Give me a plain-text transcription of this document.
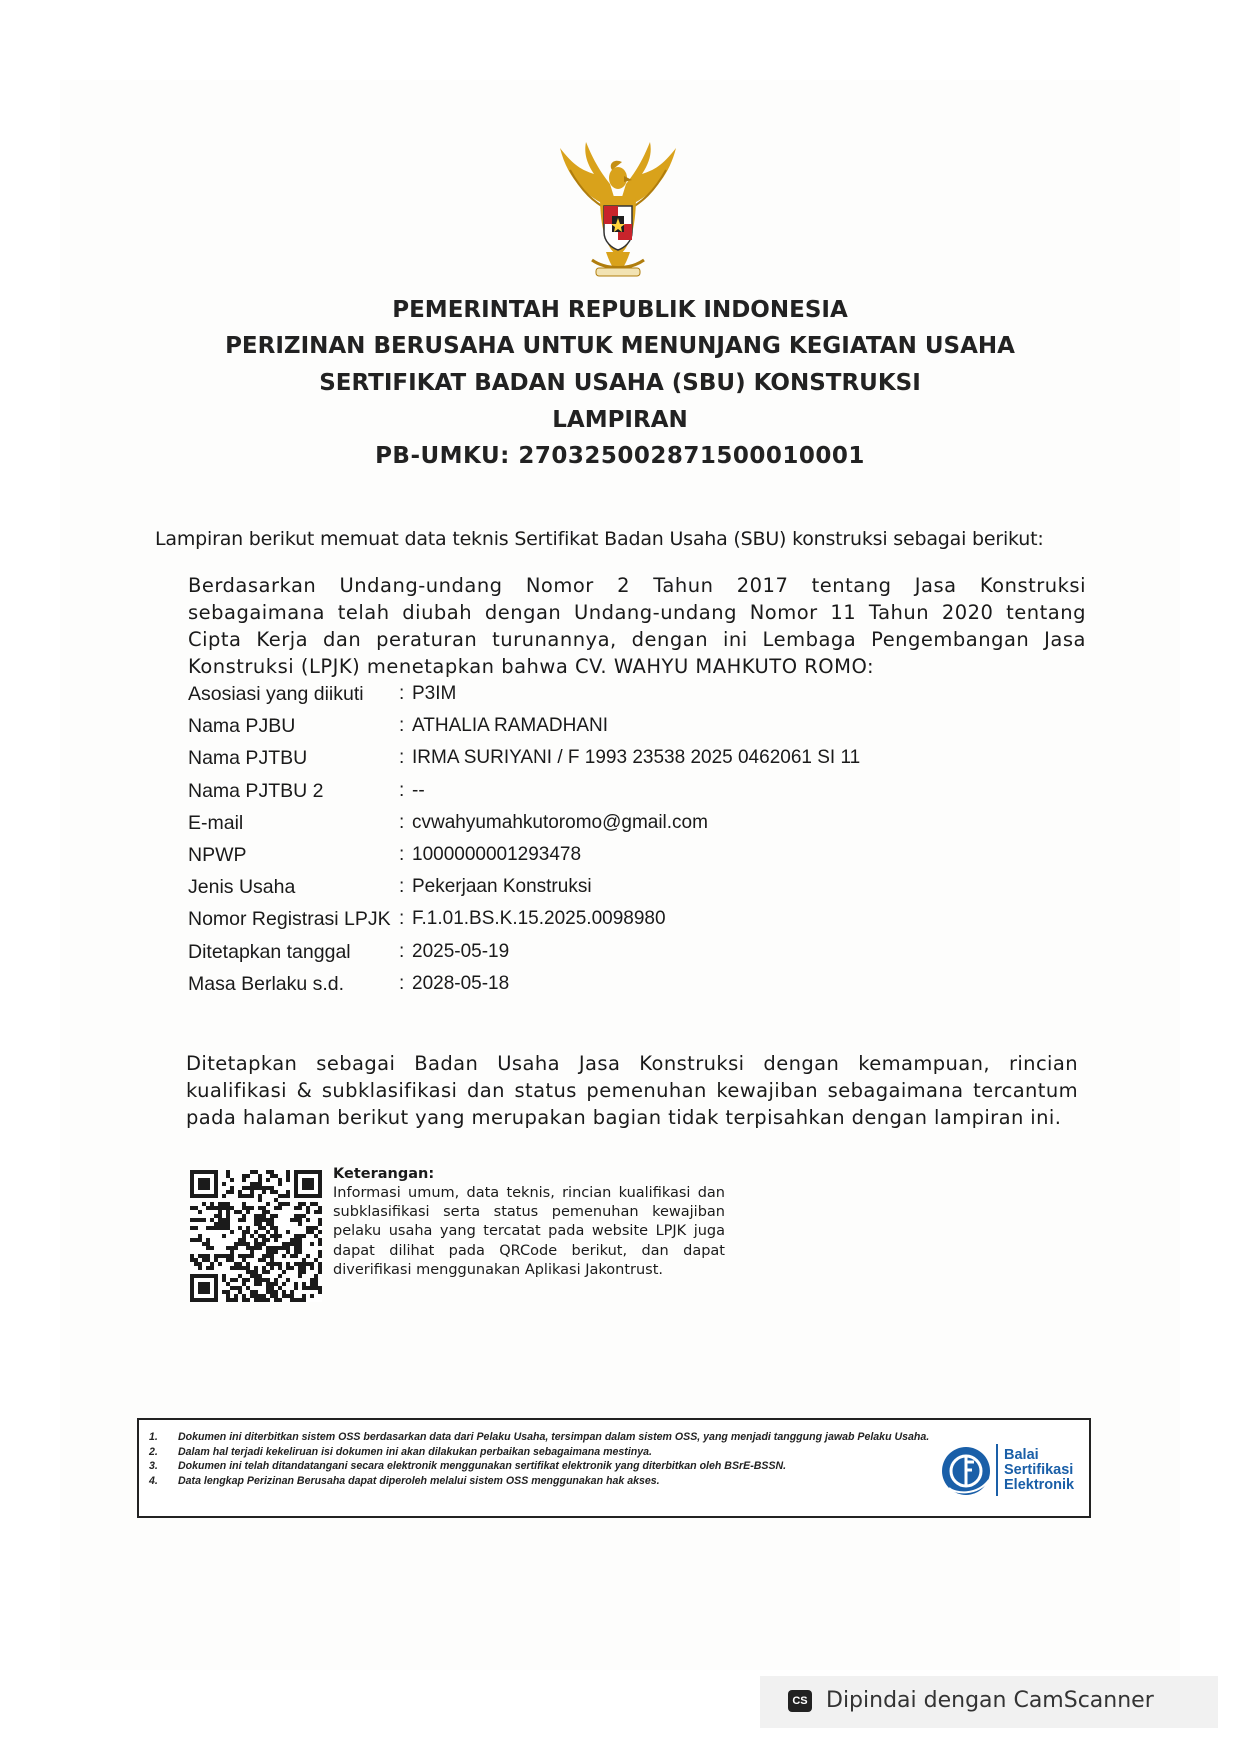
PEMERINTAH REPUBLIK INDONESIA
PERIZINAN BERUSAHA UNTUK MENUNJANG KEGIATAN USAHA
SERTIFIKAT BADAN USAHA (SBU) KONSTRUKSI
LAMPIRAN
PB-UMKU: 270325002871500010001
Lampiran berikut memuat data teknis Sertifikat Badan Usaha (SBU) konstruksi sebagai berikut:
Berdasarkan Undang-undang Nomor 2 Tahun 2017 tentang Jasa Konstruksi sebagaimana telah diubah dengan Undang-undang Nomor 11 Tahun 2020 tentang Cipta Kerja dan peraturan turunannya, dengan ini Lembaga Pengembangan Jasa Konstruksi (LPJK) menetapkan bahwa CV. WAHYU MAHKUTO ROMO:
Asosiasi yang diikuti	: P3IM
Nama PJBU	: ATHALIA RAMADHANI
Nama PJTBU	: IRMA SURIYANI / F 1993 23538 2025 0462061 SI 11
Nama PJTBU 2	: --
E-mail	: cvwahyumahkutoromo@gmail.com
NPWP	: 1000000001293478
Jenis Usaha	: Pekerjaan Konstruksi
Nomor Registrasi LPJK : F.1.01.BS.K.15.2025.0098980
Ditetapkan tanggal	: 2025-05-19
Masa Berlaku s.d.	: 2028-05-18
Ditetapkan sebagai Badan Usaha Jasa Konstruksi dengan kemampuan, rincian kualifikasi & subklasifikasi dan status pemenuhan kewajiban sebagaimana tercantum pada halaman berikut yang merupakan bagian tidak terpisahkan dengan lampiran ini.
Keterangan:
Informasi umum, data teknis, rincian kualifikasi dan subklasifikasi serta status pemenuhan kewajiban pelaku usaha yang tercatat pada website LPJK juga dapat dilihat pada QRCode berikut, dan dapat diverifikasi menggunakan Aplikasi Jakontrust.
1. Dokumen ini diterbitkan sistem OSS berdasarkan data dari Pelaku Usaha, tersimpan dalam sistem OSS, yang menjadi tanggung jawab Pelaku Usaha.
2. Dalam hal terjadi kekeliruan isi dokumen ini akan dilakukan perbaikan sebagaimana mestinya.
3. Dokumen ini telah ditandatangani secara elektronik menggunakan sertifikat elektronik yang diterbitkan oleh BSrE-BSSN.
4. Data lengkap Perizinan Berusaha dapat diperoleh melalui sistem OSS menggunakan hak akses.
Balai
Sertifikasi
Elektronik
CS Dipindai dengan CamScanner
